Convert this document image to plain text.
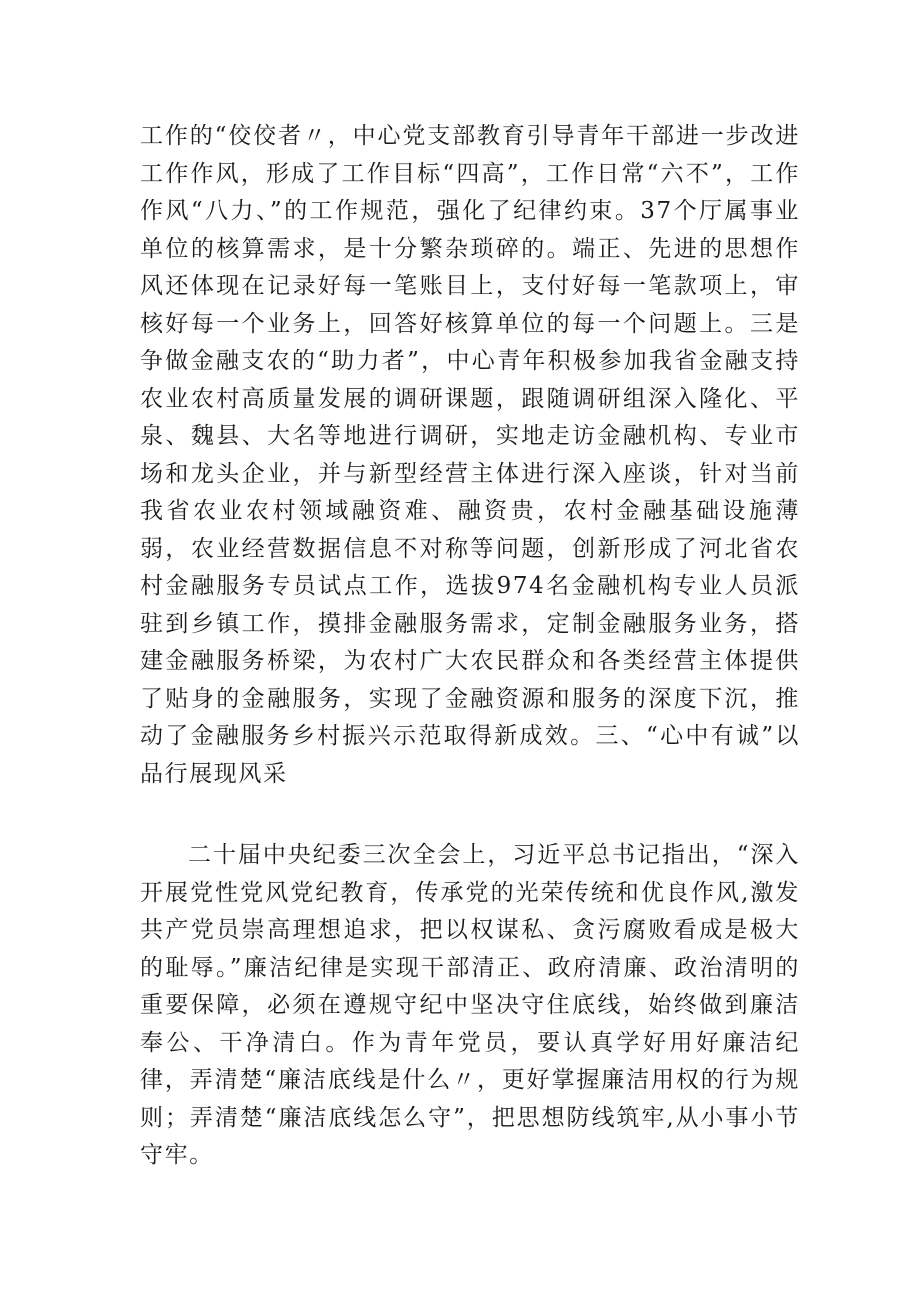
工作的“佼佼者〃，中心党支部教育引导青年干部进一步改进工作作风，形成了工作目标“四高”，工作日常“六不”，工作作风“八力、”的工作规范，强化了纪律约束。37个厅属事业单位的核算需求，是十分繁杂琐碎的。端正、先进的思想作风还体现在记录好每一笔账目上，支付好每一笔款项上，审核好每一个业务上，回答好核算单位的每一个问题上。三是争做金融支农的“助力者”，中心青年积极参加我省金融支持农业农村高质量发展的调研课题，跟随调研组深入隆化、平泉、魏县、大名等地进行调研，实地走访金融机构、专业市场和龙头企业，并与新型经营主体进行深入座谈，针对当前我省农业农村领域融资难、融资贵，农村金融基础设施薄弱，农业经营数据信息不对称等问题，创新形成了河北省农村金融服务专员试点工作，选拔974名金融机构专业人员派驻到乡镇工作，摸排金融服务需求，定制金融服务业务，搭建金融服务桥梁，为农村广大农民群众和各类经营主体提供了贴身的金融服务，实现了金融资源和服务的深度下沉，推动了金融服务乡村振兴示范取得新成效。三、“心中有诚”以品行展现风采

二十届中央纪委三次全会上，习近平总书记指出，“深入开展党性党风党纪教育，传承党的光荣传统和优良作风,激发共产党员崇高理想追求，把以权谋私、贪污腐败看成是极大的耻辱。”廉洁纪律是实现干部清正、政府清廉、政治清明的重要保障，必须在遵规守纪中坚决守住底线，始终做到廉洁奉公、干净清白。作为青年党员，要认真学好用好廉洁纪律，弄清楚“廉洁底线是什么〃，更好掌握廉洁用权的行为规则；弄清楚“廉洁底线怎么守”，把思想防线筑牢,从小事小节守牢。
